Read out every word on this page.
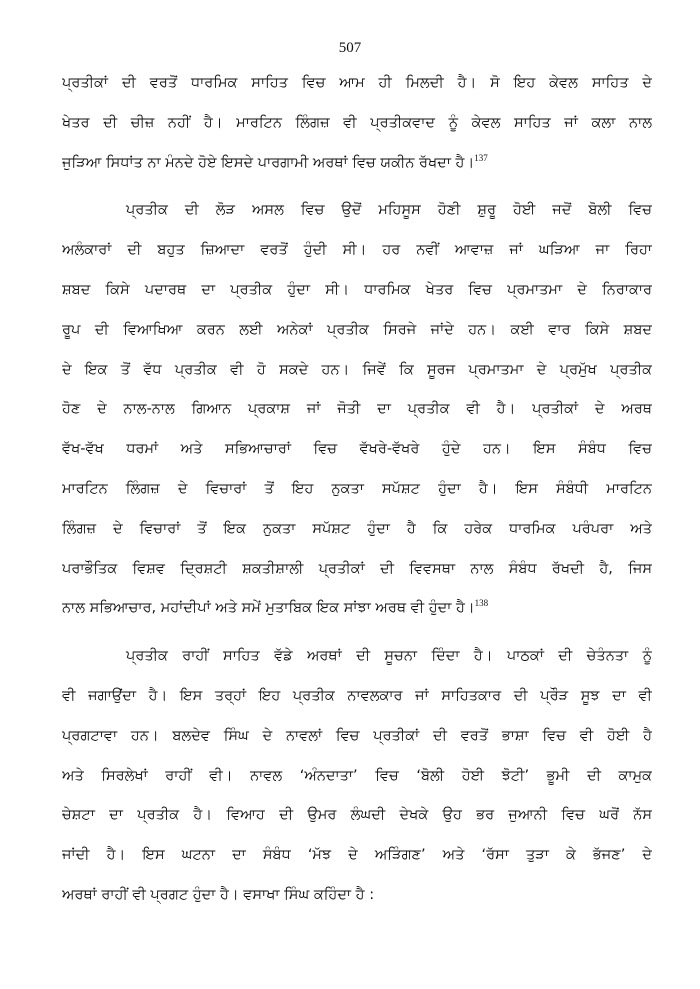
507
ਪ੍ਰਤੀਕਾਂ ਦੀ ਵਰਤੋਂ ਧਾਰਮਿਕ ਸਾਹਿਤ ਵਿਚ ਆਮ ਹੀ ਮਿਲਦੀ ਹੈ। ਸੋ ਇਹ ਕੇਵਲ ਸਾਹਿਤ ਦੇ
ਖੇਤਰ ਦੀ ਚੀਜ਼ ਨਹੀਂ ਹੈ। ਮਾਰਟਿਨ ਲਿੰਗਜ਼ ਵੀ ਪ੍ਰਤੀਕਵਾਦ ਨੂੰ ਕੇਵਲ ਸਾਹਿਤ ਜਾਂ ਕਲਾ ਨਾਲ
ਜੁੜਿਆ ਸਿਧਾਂਤ ਨਾ ਮੰਨਦੇ ਹੋਏ ਇਸਦੇ ਪਾਰਗਾਮੀ ਅਰਥਾਂ ਵਿਚ ਯਕੀਨ ਰੱਖਦਾ ਹੈ।$^{137}$
ਪ੍ਰਤੀਕ ਦੀ ਲੋੜ ਅਸਲ ਵਿਚ ਉਦੋਂ ਮਹਿਸੂਸ ਹੋਣੀ ਸ਼ੁਰੂ ਹੋਈ ਜਦੋਂ ਬੋਲੀ ਵਿਚ
ਅਲੰਕਾਰਾਂ ਦੀ ਬਹੁਤ ਜ਼ਿਆਦਾ ਵਰਤੋਂ ਹੁੰਦੀ ਸੀ। ਹਰ ਨਵੀਂ ਆਵਾਜ਼ ਜਾਂ ਘੜਿਆ ਜਾ ਰਿਹਾ
ਸ਼ਬਦ ਕਿਸੇ ਪਦਾਰਥ ਦਾ ਪ੍ਰਤੀਕ ਹੁੰਦਾ ਸੀ। ਧਾਰਮਿਕ ਖੇਤਰ ਵਿਚ ਪ੍ਰਮਾਤਮਾ ਦੇ ਨਿਰਾਕਾਰ
ਰੂਪ ਦੀ ਵਿਆਖਿਆ ਕਰਨ ਲਈ ਅਨੇਕਾਂ ਪ੍ਰਤੀਕ ਸਿਰਜੇ ਜਾਂਦੇ ਹਨ। ਕਈ ਵਾਰ ਕਿਸੇ ਸ਼ਬਦ
ਦੇ ਇਕ ਤੋਂ ਵੱਧ ਪ੍ਰਤੀਕ ਵੀ ਹੋ ਸਕਦੇ ਹਨ। ਜਿਵੇਂ ਕਿ ਸੂਰਜ ਪ੍ਰਮਾਤਮਾ ਦੇ ਪ੍ਰਮੁੱਖ ਪ੍ਰਤੀਕ
ਹੋਣ ਦੇ ਨਾਲ-ਨਾਲ ਗਿਆਨ ਪ੍ਰਕਾਸ਼ ਜਾਂ ਜੋਤੀ ਦਾ ਪ੍ਰਤੀਕ ਵੀ ਹੈ। ਪ੍ਰਤੀਕਾਂ ਦੇ ਅਰਥ
ਵੱਖ-ਵੱਖ ਧਰਮਾਂ ਅਤੇ ਸਭਿਆਚਾਰਾਂ ਵਿਚ ਵੱਖਰੇ-ਵੱਖਰੇ ਹੁੰਦੇ ਹਨ। ਇਸ ਸੰਬੰਧ ਵਿਚ
ਮਾਰਟਿਨ ਲਿੰਗਜ਼ ਦੇ ਵਿਚਾਰਾਂ ਤੋਂ ਇਹ ਨੁਕਤਾ ਸਪੱਸ਼ਟ ਹੁੰਦਾ ਹੈ। ਇਸ ਸੰਬੰਧੀ ਮਾਰਟਿਨ
ਲਿੰਗਜ਼ ਦੇ ਵਿਚਾਰਾਂ ਤੋਂ ਇਕ ਨੁਕਤਾ ਸਪੱਸ਼ਟ ਹੁੰਦਾ ਹੈ ਕਿ ਹਰੇਕ ਧਾਰਮਿਕ ਪਰੰਪਰਾ ਅਤੇ
ਪਰਾਭੌਤਿਕ ਵਿਸ਼ਵ ਦ੍ਰਿਸ਼ਟੀ ਸ਼ਕਤੀਸ਼ਾਲੀ ਪ੍ਰਤੀਕਾਂ ਦੀ ਵਿਵਸਥਾ ਨਾਲ ਸੰਬੰਧ ਰੱਖਦੀ ਹੈ, ਜਿਸ
ਨਾਲ ਸਭਿਆਚਾਰ, ਮਹਾਂਦੀਪਾਂ ਅਤੇ ਸਮੇਂ ਮੁਤਾਬਿਕ ਇਕ ਸਾਂਝਾ ਅਰਥ ਵੀ ਹੁੰਦਾ ਹੈ।$^{138}$
ਪ੍ਰਤੀਕ ਰਾਹੀਂ ਸਾਹਿਤ ਵੱਡੇ ਅਰਥਾਂ ਦੀ ਸੂਚਨਾ ਦਿੰਦਾ ਹੈ। ਪਾਠਕਾਂ ਦੀ ਚੇਤੰਨਤਾ ਨੂੰ
ਵੀ ਜਗਾਉਂਦਾ ਹੈ। ਇਸ ਤਰ੍ਹਾਂ ਇਹ ਪ੍ਰਤੀਕ ਨਾਵਲਕਾਰ ਜਾਂ ਸਾਹਿਤਕਾਰ ਦੀ ਪ੍ਰੌੜ ਸੂਝ ਦਾ ਵੀ
ਪ੍ਰਗਟਾਵਾ ਹਨ। ਬਲਦੇਵ ਸਿੰਘ ਦੇ ਨਾਵਲਾਂ ਵਿਚ ਪ੍ਰਤੀਕਾਂ ਦੀ ਵਰਤੋਂ ਭਾਸ਼ਾ ਵਿਚ ਵੀ ਹੋਈ ਹੈ
ਅਤੇ ਸਿਰਲੇਖਾਂ ਰਾਹੀਂ ਵੀ। ਨਾਵਲ ‘ਅੰਨਦਾਤਾ’ ਵਿਚ ‘ਬੋਲੀ ਹੋਈ ਝੋਟੀ’ ਭੂਮੀ ਦੀ ਕਾਮੁਕ
ਚੇਸ਼ਟਾ ਦਾ ਪ੍ਰਤੀਕ ਹੈ। ਵਿਆਹ ਦੀ ਉਮਰ ਲੰਘਦੀ ਦੇਖਕੇ ਉਹ ਭਰ ਜੁਆਨੀ ਵਿਚ ਘਰੋਂ ਨੱਸ
ਜਾਂਦੀ ਹੈ। ਇਸ ਘਟਨਾ ਦਾ ਸੰਬੰਧ ‘ਮੱਝ ਦੇ ਅੜਿੰਗਣ’ ਅਤੇ ‘ਰੱਸਾ ਤੁੜਾ ਕੇ ਭੱਜਣ’ ਦੇ
ਅਰਥਾਂ ਰਾਹੀਂ ਵੀ ਪ੍ਰਗਟ ਹੁੰਦਾ ਹੈ। ਵਸਾਖਾ ਸਿੰਘ ਕਹਿੰਦਾ ਹੈ :
